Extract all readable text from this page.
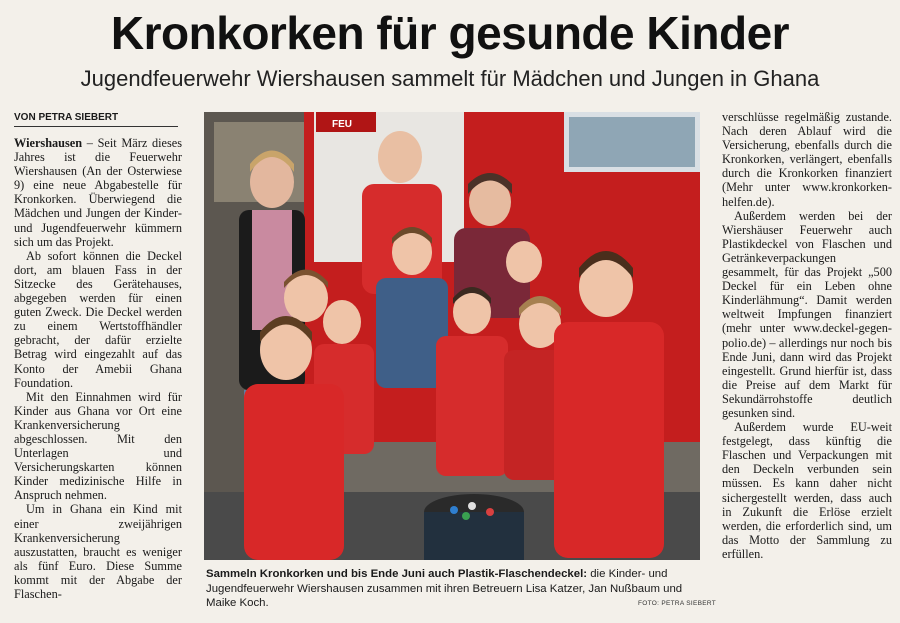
Kronkorken für gesunde Kinder
Jugendfeuerwehr Wiershausen sammelt für Mädchen und Jungen in Ghana
VON PETRA SIEBERT

Wiershausen – Seit März dieses Jahres ist die Feuerwehr Wiershausen (An der Osterwiese 9) eine neue Abgabestelle für Kronkorken. Überwiegend die Mädchen und Jungen der Kinder- und Jugendfeuerwehr kümmern sich um das Projekt.

Ab sofort können die Deckel dort, am blauen Fass in der Sitzecke des Gerätehauses, abgegeben werden für einen guten Zweck. Die Deckel werden zu einem Wertstoffhändler gebracht, der dafür erzielte Betrag wird eingezahlt auf das Konto der Amebii Ghana Foundation.

Mit den Einnahmen wird für Kinder aus Ghana vor Ort eine Krankenversicherung abgeschlossen. Mit den Unterlagen und Versicherungskarten können Kinder medizinische Hilfe in Anspruch nehmen.

Um in Ghana ein Kind mit einer zweijährigen Krankenversicherung auszustatten, braucht es weniger als fünf Euro. Diese Summe kommt mit der Abgabe der Flaschen-

FEU
Sammeln Kronkorken und bis Ende Juni auch Plastik-Flaschendeckel: die Kinder- und Jugendfeuerwehr Wiershausen zusammen mit ihren Betreuern Lisa Katzer, Jan Nußbaum und Maike Koch.	FOTO: PETRA SIEBERT

verschlüsse regelmäßig zustande. Nach deren Ablauf wird die Versicherung, ebenfalls durch die Kronkorken, verlängert, ebenfalls durch die Kronkorken finanziert (Mehr unter www.kronkorken-helfen.de).

Außerdem werden bei der Wiershäuser Feuerwehr auch Plastikdeckel von Flaschen und Getränkeverpackungen gesammelt, für das Projekt „500 Deckel für ein Leben ohne Kinderlähmung“. Damit werden weltweit Impfungen finanziert (mehr unter www.deckel-gegen-polio.de) – allerdings nur noch bis Ende Juni, dann wird das Projekt eingestellt. Grund hierfür ist, dass die Preise auf dem Markt für Sekundärrohstoffe deutlich gesunken sind.

Außerdem wurde EU-weit festgelegt, dass künftig die Flaschen und Verpackungen mit den Deckeln verbunden sein müssen. Es kann daher nicht sichergestellt werden, dass auch in Zukunft die Erlöse erzielt werden, die erforderlich sind, um das Motto der Sammlung zu erfüllen.
